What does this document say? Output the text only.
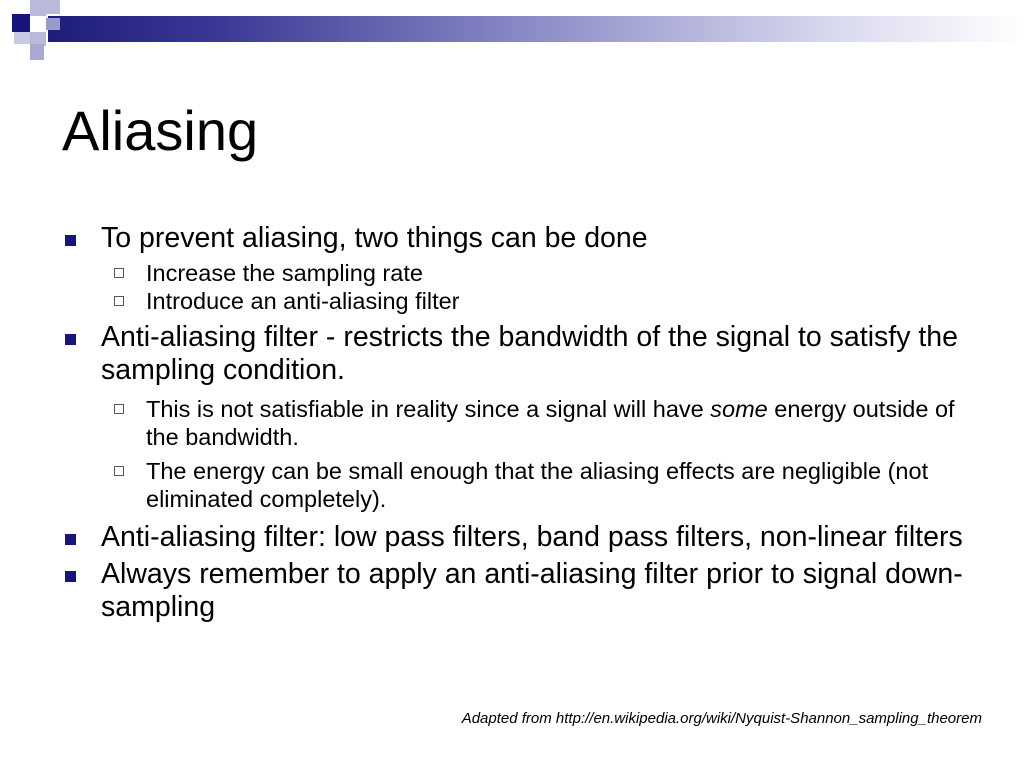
Aliasing
To prevent aliasing, two things can be done
Increase the sampling rate
Introduce an anti-aliasing filter
Anti-aliasing filter - restricts the bandwidth of the signal to satisfy the sampling condition.
This is not satisfiable in reality since a signal will have some energy outside of the bandwidth.
The energy can be small enough that the aliasing effects are negligible (not eliminated completely).
Anti-aliasing filter: low pass filters, band pass filters, non-linear filters
Always remember to apply an anti-aliasing filter prior to signal down-sampling
Adapted from http://en.wikipedia.org/wiki/Nyquist-Shannon_sampling_theorem
